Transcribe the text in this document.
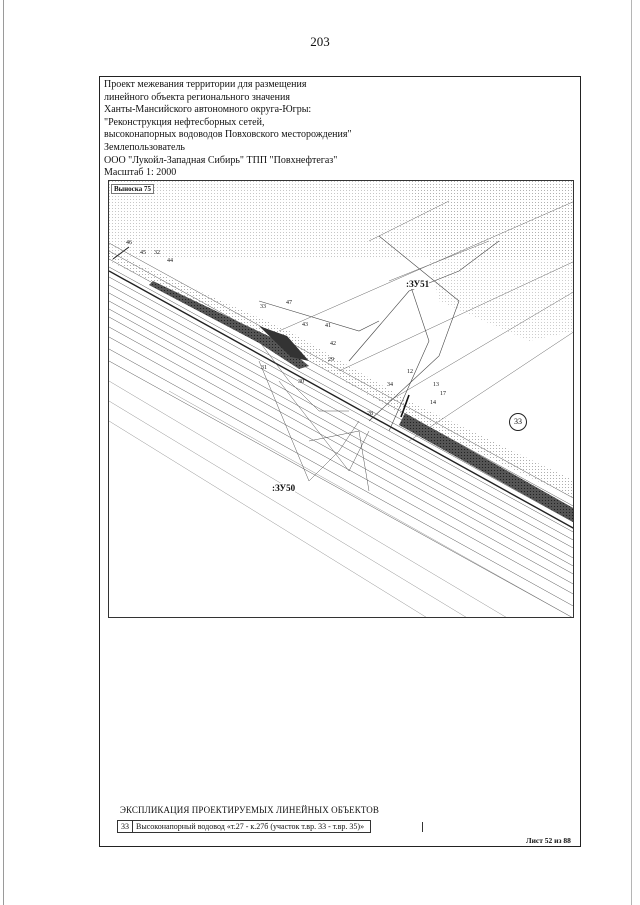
203
Проект межевания территории для размещения
линейного объекта регионального значения
Ханты-Мансийского автономного округа-Югры:
"Реконструкция нефтесборных сетей,
высоконапорных водоводов Повховского месторождения"
Землепользователь
ООО "Лукойл-Западная Сибирь" ТПП "Повхнефтегаз"
Масштаб 1: 2000
Выноска 75
:ЗУ51
:ЗУ50
33
46
45 32
44
33
47
41
43
42
29
31
30
12
34	13
17
14
28
ЭКСПЛИКАЦИЯ ПРОЕКТИРУЕМЫХ ЛИНЕЙНЫХ ОБЪЕКТОВ
33 Высоконапорный водовод «т.27 - к.27б (участок т.вр. 33 - т.вр. 35)»
Лист 52 из 88
